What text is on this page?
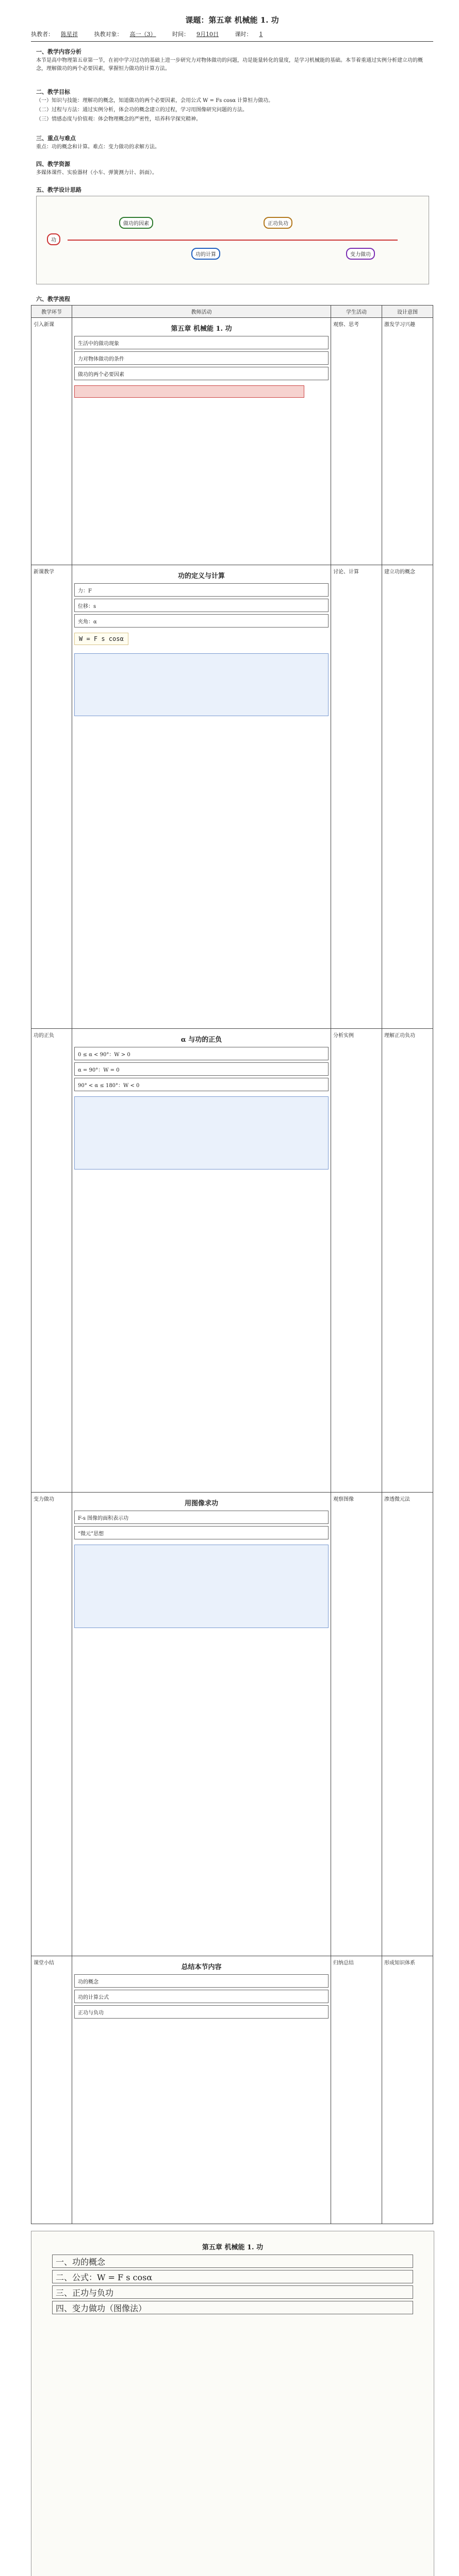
课题：第五章 机械能 1. 功
执教者： 陈星祥	执教对象： 高一（3）	时间： 9月10日	课时： 1
一、教学内容分析
本节是高中物理第五章第一节，在初中学习过功的基础上进一步研究力对物体做功的问题，功是能量转化的量度，是学习机械能的基础。本节着重通过实例分析建立功的概念，理解做功的两个必要因素，掌握恒力做功的计算方法。
二、教学目标
（一）知识与技能：理解功的概念，知道做功的两个必要因素，会用公式 W = Fs cosα 计算恒力做功。
（二）过程与方法：通过实例分析，体会功的概念建立的过程，学习用图像研究问题的方法。
（三）情感态度与价值观：体会物理概念的严密性，培养科学探究精神。
三、重点与难点
重点：功的概念和计算。难点：变力做功的求解方法。
四、教学资源
多媒体课件、实验器材（小车、弹簧测力计、斜面）。
五、教学设计思路
功
做功的因素
功的计算
正功负功
变力做功
六、教学流程
教学环节	教师活动	学生活动	设计意图
引入新课	第五章 机械能 1. 功
生活中的做功现象
力对物体做功的条件
做功的两个必要因素	观察、思考	激发学习兴趣
新课教学	功的定义与计算
力：F
位移：s
夹角：α
W = F s cosα	讨论、计算	建立功的概念
功的正负	α 与功的正负
0 ≤ α < 90°：W > 0
α = 90°：W = 0
90° < α ≤ 180°：W < 0	分析实例	理解正功负功
变力做功	用图像求功
F-s 图像的面积表示功
“微元”思想	观察图像	渗透微元法
课堂小结	总结本节内容
功的概念
功的计算公式
正功与负功	归纳总结	形成知识体系
第五章 机械能 1. 功
一、功的概念
二、公式：W = F s cosα
三、正功与负功
四、变力做功（图像法）
